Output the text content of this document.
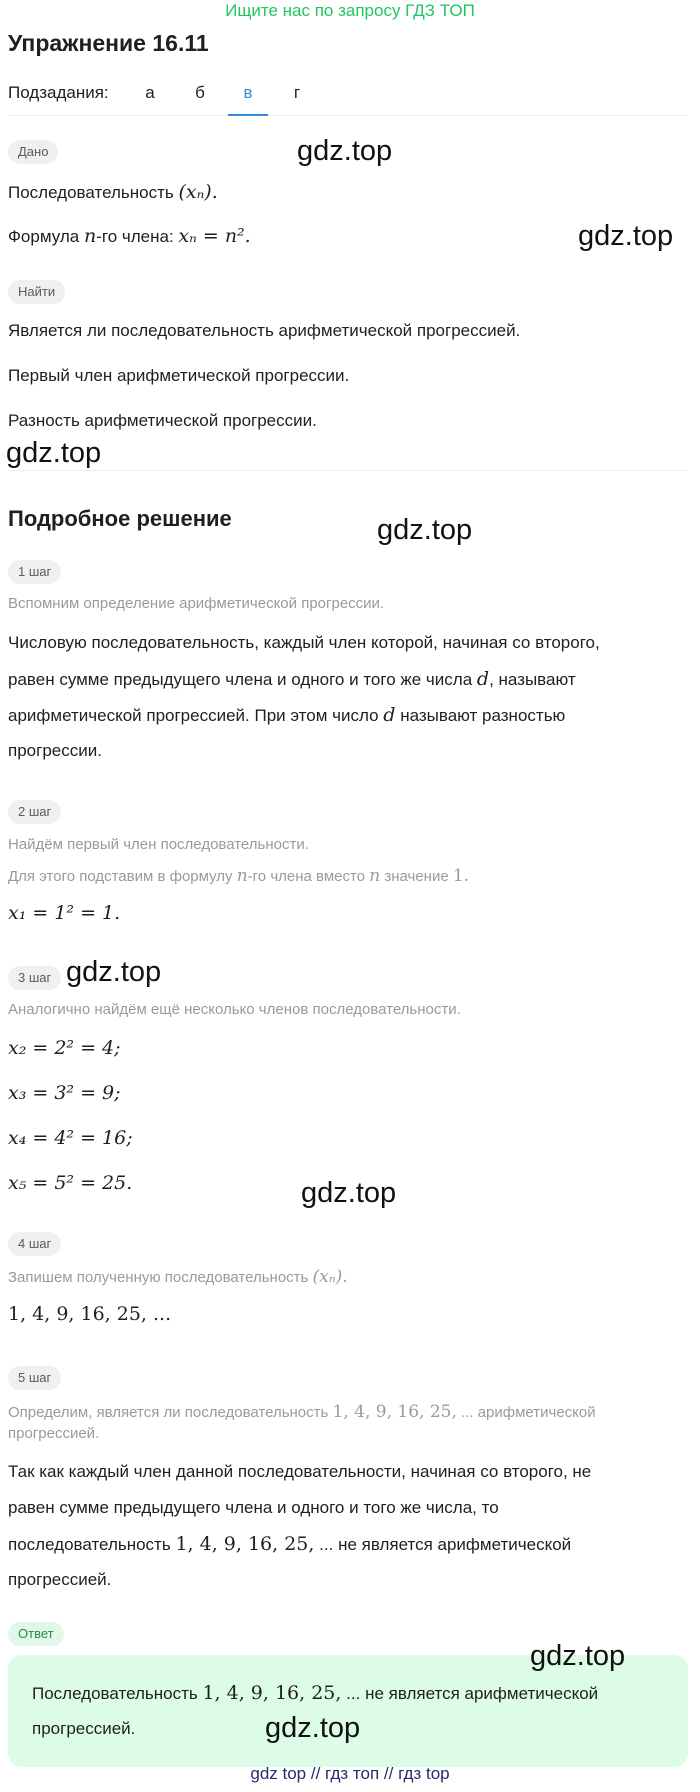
Ищите нас по запросу ГДЗ ТОП
Упражнение 16.11
Подзадания:	а	б	в	г
Дано
Последовательность (xₙ).
Формула n-го члена: xₙ = n².
Найти
Является ли последовательность арифметической прогрессией.
Первый член арифметической прогрессии.
Разность арифметической прогрессии.
Подробное решение
1 шаг
Вспомним определение арифметической прогрессии.
Числовую последовательность, каждый член которой, начиная со второго,
равен сумме предыдущего члена и одного и того же числа d, называют
арифметической прогрессией. При этом число d называют разностью
прогрессии.
2 шаг
Найдём первый член последовательности.
Для этого подставим в формулу n-го члена вместо n значение 1.
x₁ = 1² = 1.
3 шаг
Аналогично найдём ещё несколько членов последовательности.
x₂ = 2² = 4;
x₃ = 3² = 9;
x₄ = 4² = 16;
x₅ = 5² = 25.
4 шаг
Запишем полученную последовательность (xₙ).
1, 4, 9, 16, 25, ...
5 шаг
Определим, является ли последовательность 1, 4, 9, 16, 25, ... арифметической
прогрессией.
Так как каждый член данной последовательности, начиная со второго, не
равен сумме предыдущего члена и одного и того же числа, то
последовательность 1, 4, 9, 16, 25, ... не является арифметической
прогрессией.
Ответ
Последовательность 1, 4, 9, 16, 25, ... не является арифметической
прогрессией.
gdz.top
gdz.top
gdz.top
gdz.top
gdz.top
gdz.top
gdz.top
gdz.top
gdz top // гдз топ // гдз top
